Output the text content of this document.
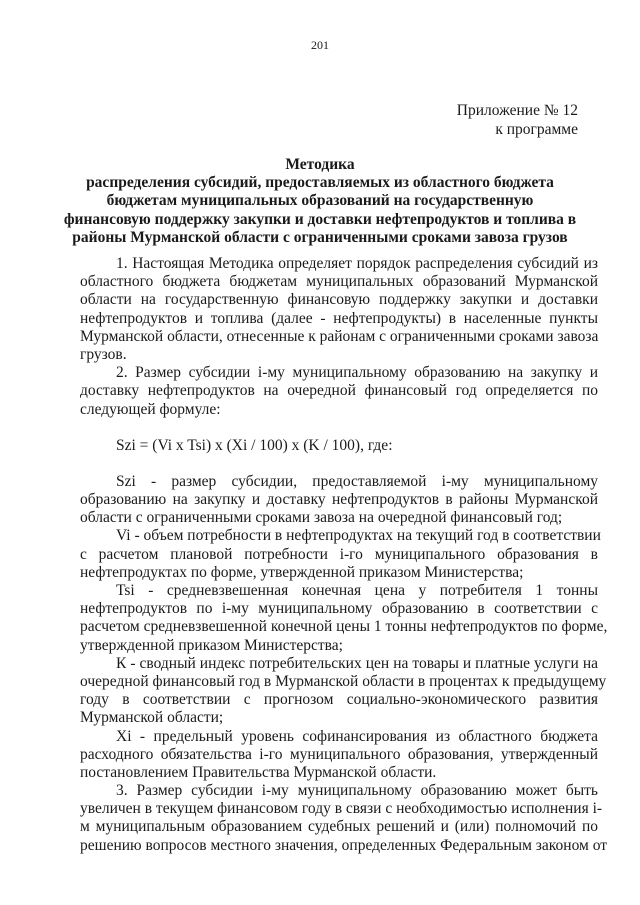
201
Приложение № 12
к программе
Методика
распределения субсидий, предоставляемых из областного бюджета
бюджетам муниципальных образований на государственную
финансовую поддержку закупки и доставки нефтепродуктов и топлива в
районы Мурманской области с ограниченными сроками завоза грузов
1. Настоящая Методика определяет порядок распределения субсидий из
областного бюджета бюджетам муниципальных образований Мурманской
области на государственную финансовую поддержку закупки и доставки
нефтепродуктов и топлива (далее - нефтепродукты) в населенные пункты
Мурманской области, отнесенные к районам с ограниченными сроками завоза
грузов.
2. Размер субсидии i-му муниципальному образованию на закупку и
доставку нефтепродуктов на очередной финансовый год определяется по
следующей формуле:
Szi = (Vi x Tsi) x (Xi / 100) x (K / 100), где:
Szi - размер субсидии, предоставляемой i-му муниципальному
образованию на закупку и доставку нефтепродуктов в районы Мурманской
области с ограниченными сроками завоза на очередной финансовый год;
Vi - объем потребности в нефтепродуктах на текущий год в соответствии
с расчетом плановой потребности i-го муниципального образования в
нефтепродуктах по форме, утвержденной приказом Министерства;
Tsi - средневзвешенная конечная цена у потребителя 1 тонны
нефтепродуктов по i-му муниципальному образованию в соответствии с
расчетом средневзвешенной конечной цены 1 тонны нефтепродуктов по форме,
утвержденной приказом Министерства;
К - сводный индекс потребительских цен на товары и платные услуги на
очередной финансовый год в Мурманской области в процентах к предыдущему
году в соответствии с прогнозом социально-экономического развития
Мурманской области;
Xi - предельный уровень софинансирования из областного бюджета
расходного обязательства i-го муниципального образования, утвержденный
постановлением Правительства Мурманской области.
3. Размер субсидии i-му муниципальному образованию может быть
увеличен в текущем финансовом году в связи с необходимостью исполнения i-
м муниципальным образованием судебных решений и (или) полномочий по
решению вопросов местного значения, определенных Федеральным законом от
